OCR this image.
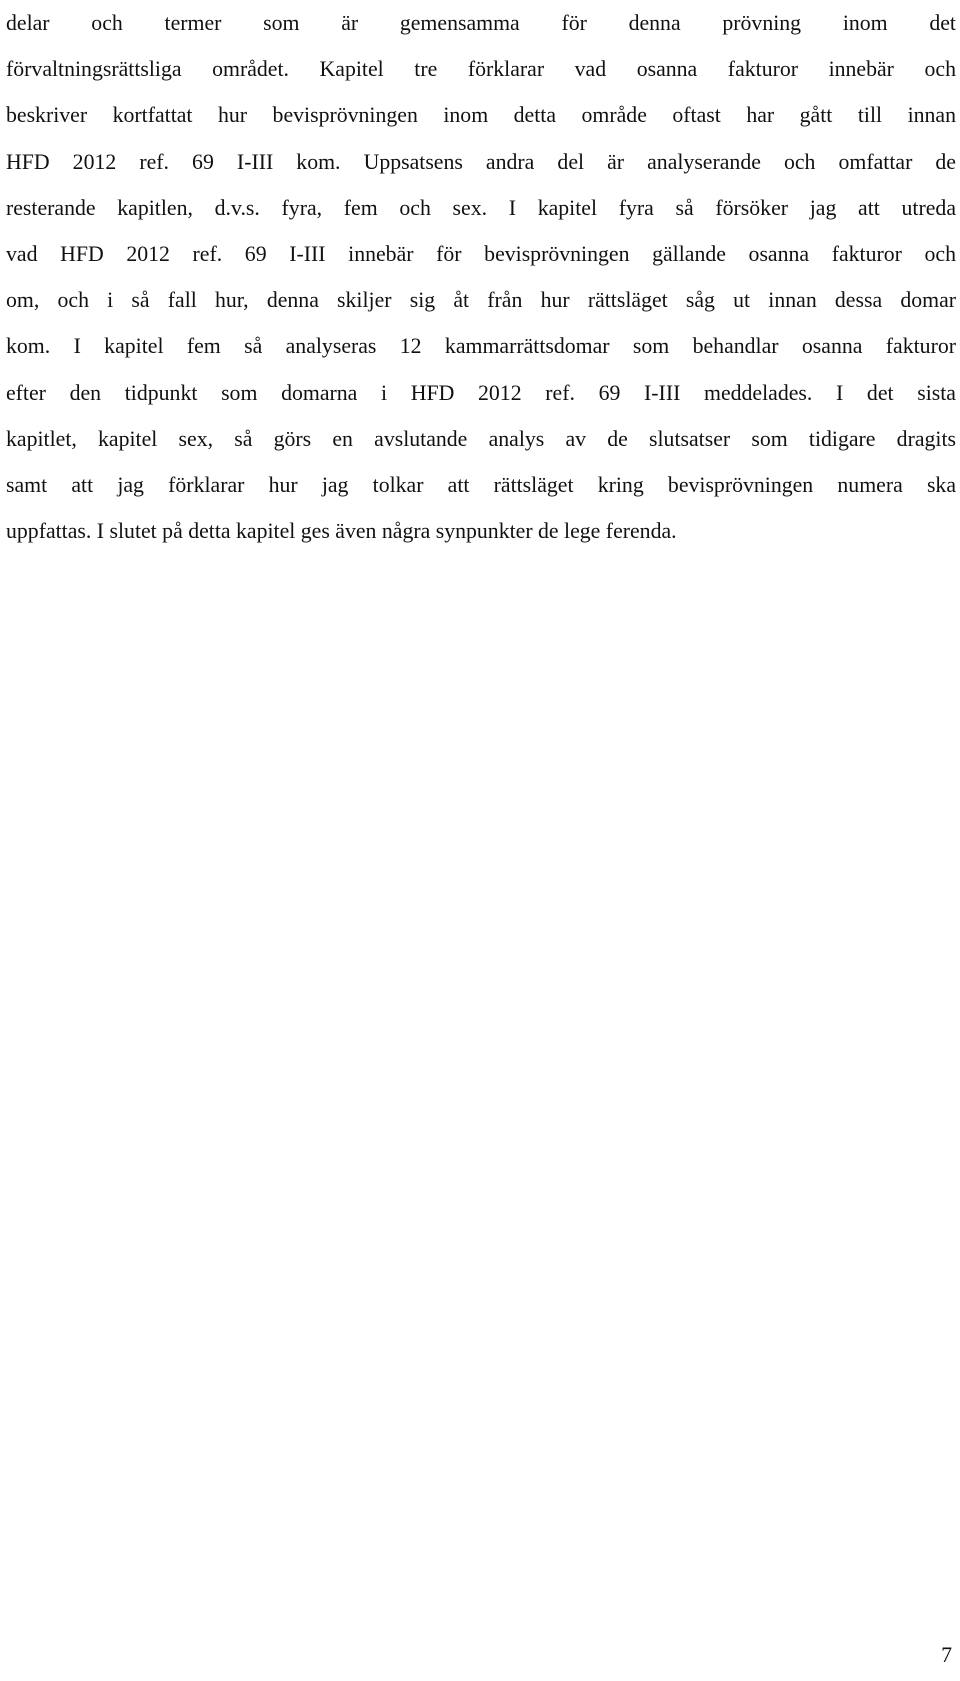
delar och termer som är gemensamma för denna prövning inom det
förvaltningsrättsliga området. Kapitel tre förklarar vad osanna fakturor innebär och
beskriver kortfattat hur bevisprövningen inom detta område oftast har gått till innan
HFD 2012 ref. 69 I-III kom. Uppsatsens andra del är analyserande och omfattar de
resterande kapitlen, d.v.s. fyra, fem och sex. I kapitel fyra så försöker jag att utreda
vad HFD 2012 ref. 69 I-III innebär för bevisprövningen gällande osanna fakturor och
om, och i så fall hur, denna skiljer sig åt från hur rättsläget såg ut innan dessa domar
kom. I kapitel fem så analyseras 12 kammarrättsdomar som behandlar osanna fakturor
efter den tidpunkt som domarna i HFD 2012 ref. 69 I-III meddelades. I det sista
kapitlet, kapitel sex, så görs en avslutande analys av de slutsatser som tidigare dragits
samt att jag förklarar hur jag tolkar att rättsläget kring bevisprövningen numera ska
uppfattas. I slutet på detta kapitel ges även några synpunkter de lege ferenda.
7
